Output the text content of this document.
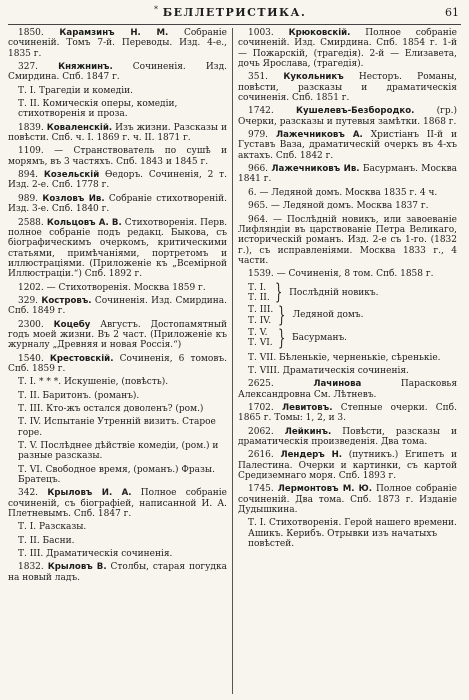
* БЕЛЛЕТРИСТИКА.	61
1850. Карамзинъ Н. М. Собраніе сочиненій. Томъ 7-й. Переводы. Изд. 4-е., 1835 г.
327. Княжнинъ. Сочиненія. Изд. Смирдина. Спб. 1847 г.
Т. I. Трагедіи и комедіи.
Т. II. Комическія оперы, комедіи, стихотворенія и проза.
1839. Коваленскій. Изъ жизни. Разсказы и повѣсти. Спб. ч. I. 1869 г. ч. II. 1871 г.
1109. — Странствователь по сушѣ и морямъ, въ 3 частяхъ. Спб. 1843 и 1845 г.
894. Козельскій Ѳедоръ. Сочиненія, 2 т. Изд. 2-е. Спб. 1778 г.
989. Козловъ Ив. Собраніе стихотвореній. Изд. 3-е. Спб. 1840 г.
2588. Кольцовъ А. В. Стихотворенія. Перв. полное собраніе подъ редакц. Быкова, съ біографическимъ очеркомъ, критическими статьями, примѣчаніями, портретомъ и иллюстраціями. (Приложеніе къ „Всемірной Иллюстраціи.“) Спб. 1892 г.
1202. — Стихотворенія. Москва 1859 г.
329. Костровъ. Сочиненія. Изд. Смирдина. Спб. 1849 г.
2300. Коцебу Августъ. Достопамятный годъ моей жизни. Въ 2 част. (Приложеніе къ журналу „Древняя и новая Россія.“)
1540. Крестовскій. Сочиненія, 6 томовъ. Спб. 1859 г.
Т. I. * * *. Искушеніе, (повѣсть).
Т. II. Баритонъ. (романъ).
Т. III. Кто-жъ остался доволенъ? (ром.)
Т. IV. Испытаніе Утренній визитъ. Старое горе.
Т. V. Послѣднее дѣйствіе комедіи, (ром.) и разные разсказы.
Т. VI. Свободное время, (романъ.) Фразы. Братецъ.
342. Крыловъ И. А. Полное собраніе сочиненій, съ біографіей, написанной И. А. Плетневымъ. Спб. 1847 г.
Т. I. Разсказы.
Т. II. Басни.
Т. III. Драматическія сочиненія.
1832. Крыловъ В. Столбы, старая погудка на новый ладъ.
1003. Крюковскій. Полное собраніе сочиненій. Изд. Смирдина. Спб. 1854 г. 1-й — Пожарскій, (трагедія). 2-й — Елизавета, дочь Ярослава, (трагедія).
351. Кукольникъ Несторъ. Романы, повѣсти, разсказы и драматическія сочиненія. Спб. 1851 г.
1742.	Кушелевъ-Безбородко. (гр.) Очерки, разсказы и путевыя замѣтки. 1868 г.
979. Лажечниковъ А. Христіанъ II-й и Густавъ Ваза, драматическій очеркъ въ 4-хъ актахъ. Спб. 1842 г.
966. Лажечниковъ Ив. Басурманъ. Москва 1841 г.
6. — Ледяной домъ. Москва 1835 г. 4 ч.
965. — Ледяной домъ. Москва 1837 г.
964. — Послѣдній новикъ, или завоеваніе Лифляндіи въ царствованіе Петра Великаго, историческій романъ. Изд. 2-е съ 1-го. (1832 г.), съ исправленіями. Москва 1833 г., 4 части.
1539. — Сочиненія, 8 том. Спб. 1858 г.
Т. I.
Т. II. } Послѣдній новикъ.
Т. III.
Т. IV. } Ледяной домъ.
Т. V.
Т. VI. } Басурманъ.
Т. VII. Бѣленькіе, черненькіе, сѣренькіе.
Т. VIII. Драматическія сочиненія.
2625.	Лачинова	Парасковья Александровна См. Лѣтневъ.
1702. Левитовъ. Степные очерки. Спб. 1865 г. Томы: 1, 2, и 3.
2062. Лейкинъ. Повѣсти, разсказы и драматическія произведенія. Два тома.
2616. Лендеръ Н. (путникъ.) Египетъ и Палестина. Очерки и картинки, съ картой Средиземнаго моря. Спб. 1893 г.
1745. Лермонтовъ М. Ю. Полное собраніе сочиненій. Два тома. Спб. 1873 г. Изданіе Дудышкина.
Т. I. Стихотворенія. Герой нашего времени. Ашикъ. Керибъ. Отрывки изъ начатыхъ повѣстей.
